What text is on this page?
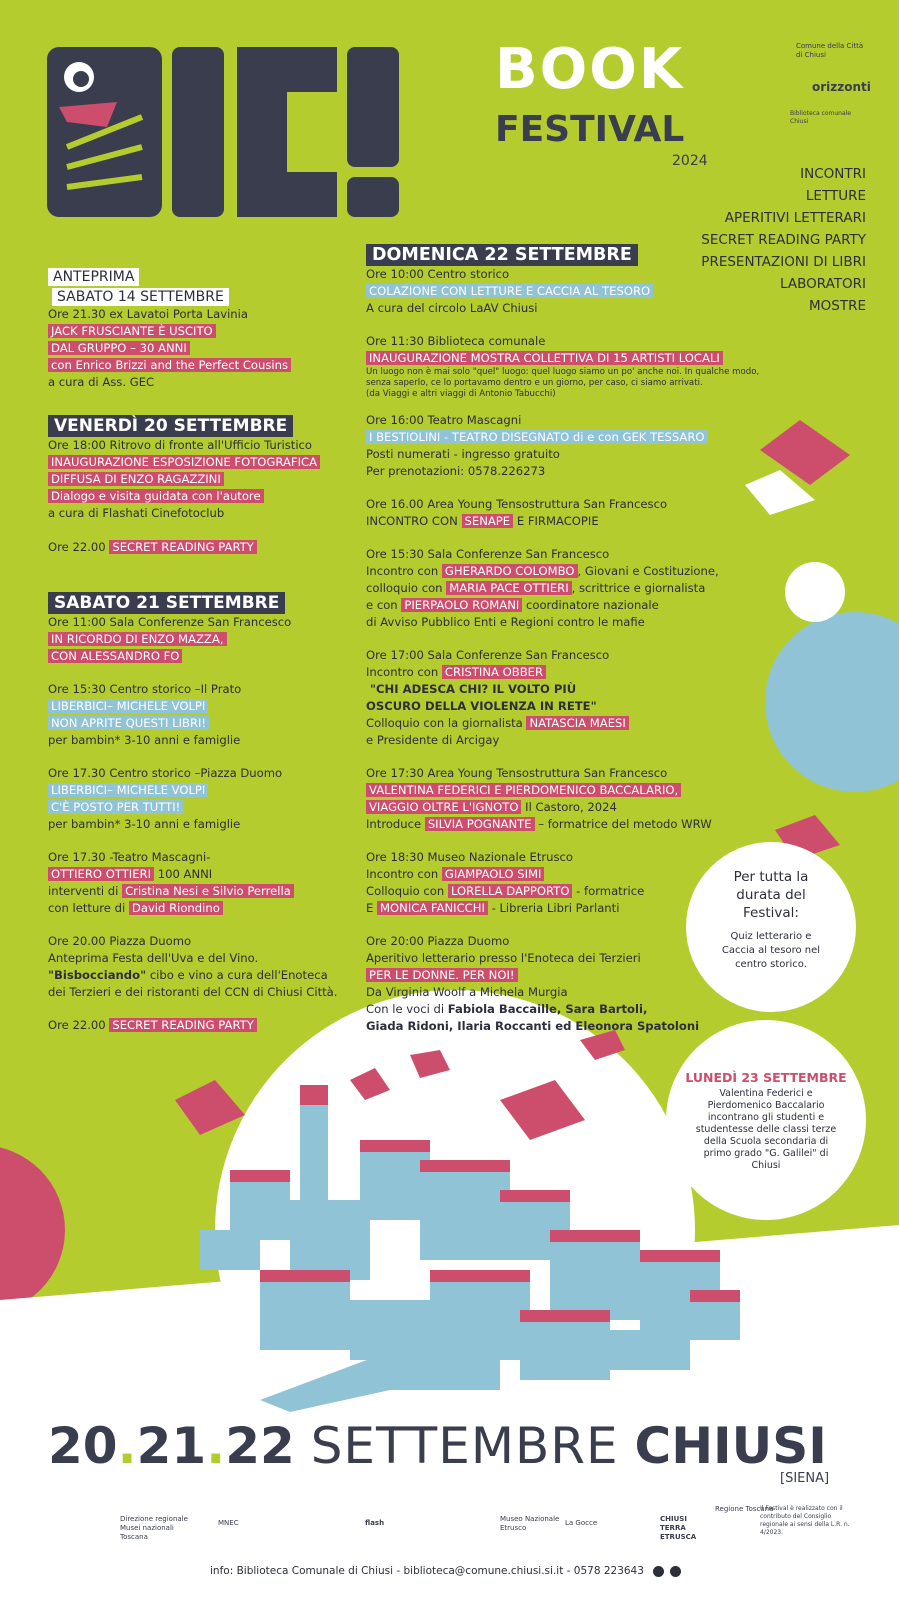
BOOK
FESTIVAL
2024
Comune della Città di Chiusi
orizzonti
Biblioteca comunale Chiusi
INCONTRI
LETTURE
APERITIVI LETTERARI
SECRET READING PARTY
PRESENTAZIONI DI LIBRI
LABORATORI
MOSTRE
ANTEPRIMA
SABATO 14 SETTEMBRE
Ore 21.30 ex Lavatoi Porta Lavinia
JACK FRUSCIANTE È USCITO
DAL GRUPPO – 30 ANNI
con Enrico Brizzi and the Perfect Cousins
a cura di Ass. GEC
VENERDÌ 20 SETTEMBRE
Ore 18:00 Ritrovo di fronte all'Ufficio Turistico
INAUGURAZIONE ESPOSIZIONE FOTOGRAFICA
DIFFUSA DI ENZO RAGAZZINI
Dialogo e visita guidata con l'autore
a cura di Flashati Cinefotoclub
Ore 22.00 SECRET READING PARTY
SABATO 21 SETTEMBRE
Ore 11:00 Sala Conferenze San Francesco
IN RICORDO DI ENZO MAZZA,
CON ALESSANDRO FO
Ore 15:30 Centro storico –Il Prato
LIBERBICI– MICHELE VOLPI
NON APRITE QUESTI LIBRI!
per bambin* 3-10 anni e famiglie
Ore 17.30 Centro storico –Piazza Duomo
LIBERBICI– MICHELE VOLPI
C'È POSTO PER TUTTI!
per bambin* 3-10 anni e famiglie
Ore 17.30 -Teatro Mascagni-
OTTIERO OTTIERI 100 ANNI
interventi di Cristina Nesi e Silvio Perrella
con letture di David Riondino
Ore 20.00 Piazza Duomo
Anteprima Festa dell'Uva e del Vino.
"Bisbocciando" cibo e vino a cura dell'Enoteca
dei Terzieri e dei ristoranti del CCN di Chiusi Città.
Ore 22.00 SECRET READING PARTY
DOMENICA 22 SETTEMBRE
Ore 10:00 Centro storico
COLAZIONE CON LETTURE E CACCIA AL TESORO
A cura del circolo LaAV Chiusi
Ore 11:30 Biblioteca comunale
INAUGURAZIONE MOSTRA COLLETTIVA DI 15 ARTISTI LOCALI
Un luogo non è mai solo "quel" luogo: quel luogo siamo un po' anche noi. In qualche modo,
senza saperlo, ce lo portavamo dentro e un giorno, per caso, ci siamo arrivati.
(da Viaggi e altri viaggi di Antonio Tabucchi)
Ore 16:00 Teatro Mascagni
I BESTIOLINI - TEATRO DISEGNATO di e con GEK TESSARO
Posti numerati - ingresso gratuito
Per prenotazioni: 0578.226273
Ore 16.00 Area Young Tensostruttura San Francesco
INCONTRO CON SENAPE E FIRMACOPIE
Ore 15:30 Sala Conferenze San Francesco
Incontro con GHERARDO COLOMBO , Giovani e Costituzione,
colloquio con MARIA PACE OTTIERI , scrittrice e giornalista
e con PIERPAOLO ROMANI coordinatore nazionale
di Avviso Pubblico Enti e Regioni contro le mafie
Ore 17:00 Sala Conferenze San Francesco
Incontro con CRISTINA OBBER
"CHI ADESCA CHI? IL VOLTO PIÙ
OSCURO DELLA VIOLENZA IN RETE"
Colloquio con la giornalista NATASCIA MAESI
e Presidente di Arcigay
Ore 17:30 Area Young Tensostruttura San Francesco
VALENTINA FEDERICI E PIERDOMENICO BACCALARIO,
VIAGGIO OLTRE L'IGNOTO Il Castoro, 2024
Introduce SILVIA POGNANTE – formatrice del metodo WRW
Ore 18:30 Museo Nazionale Etrusco
Incontro con GIAMPAOLO SIMI
Colloquio con LORELLA DAPPORTO - formatrice
E MONICA FANICCHI - Libreria Libri Parlanti
Ore 20:00 Piazza Duomo
Aperitivo letterario presso l'Enoteca dei Terzieri
PER LE DONNE. PER NOI!
Da Virginia Woolf a Michela Murgia
Con le voci di Fabiola Baccaille, Sara Bartoli,
Giada Ridoni, Ilaria Roccanti ed Eleonora Spatoloni
Per tutta la durata del Festival:
Quiz letterario e Caccia al tesoro nel centro storico.
LUNEDÌ 23 SETTEMBRE
Valentina Federici e Pierdomenico Baccalario incontrano gli studenti e studentesse delle classi terze della Scuola secondaria di primo grado "G. Galilei" di Chiusi
20.21.22 SETTEMBRE CHIUSI
[SIENA]
Direzione regionale Musei nazionali Toscana
MNEC	flash	Museo Nazionale Etrusco
La Gocce	CHIUSI TERRA ETRUSCA
Regione Toscana
Il Festival è realizzato con il contributo del Consiglio regionale ai sensi della L.R. n. 4/2023.
info: Biblioteca Comunale di Chiusi - biblioteca@comune.chiusi.si.it - 0578 223643
